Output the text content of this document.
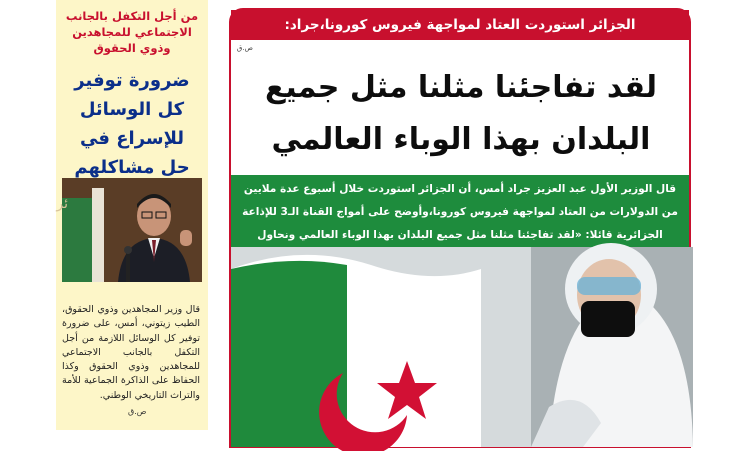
من أجل التكفل بالجانب الاجتماعي للمجاهدين وذوي الحقوق

ضرورة توفير كل الوسائل للإسراع في حل مشاكلهم

ئر

قال وزير المجاهدين وذوي الحقوق، الطيب زيتوني، أمس، على ضرورة توفير كل الوسائل اللازمة من أجل التكفل بالجانب الاجتماعي للمجاهدين وذوي الحقوق وكذا الحفاظ على الذاكرة الجماعية للأمة والتراث التاريخي الوطني.

ص.ق
الجزائر استوردت العتاد لمواجهة فيروس كورونا،جراد:
ص.ق
لقد تفاجئنا مثلنا مثل جميع
البلدان بهذا الوباء العالمي
قال الوزير الأول عبد العزيز جراد أمس، أن الجزائر استوردت خلال أسبوع عدة ملايين من الدولارات من العتاد لمواجهة فيروس كورونا،وأوضح على أمواج القناة الـ3 للإذاعة الجزائرية قائلا: «لقد تفاجئنا مثلنا مثل جميع البلدان بهذا الوباء العالمي ونحاول
